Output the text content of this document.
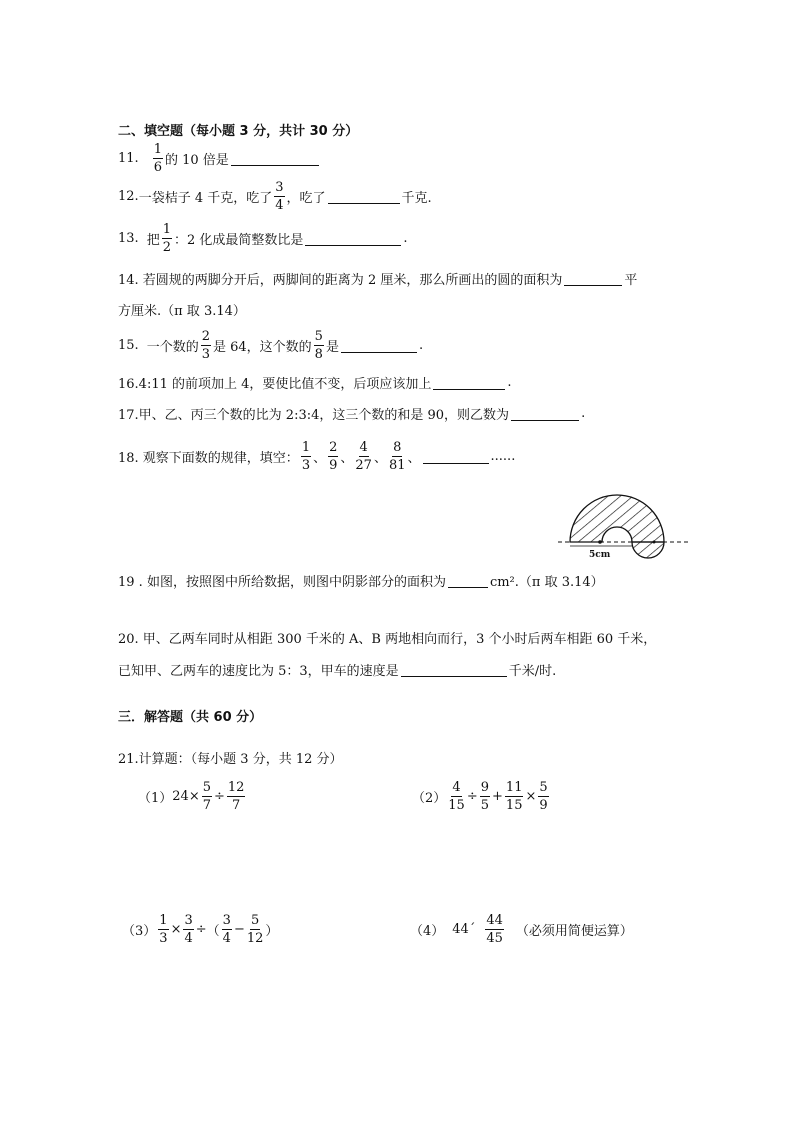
二、填空题（每小题 3 分，共计 30 分）
11. $\frac{1}{6}$ 的 10 倍是
12. 一袋桔子 4 千克，吃了 $\frac{3}{4}$ ，吃了	千克.
13. 把 $\frac{1}{2}$ ：2 化成最简整数比是	.
14. 若圆规的两脚分开后，两脚间的距离为 2 厘米，那么所画出的圆的面积为	平
方厘米.（π 取 3.14）
15. 一个数的 $\frac{2}{3}$ 是 64，这个数的 $\frac{5}{8}$ 是	.
16.4:11 的前项加上 4，要使比值不变，后项应该加上	.
17.甲、乙、丙三个数的比为 2:3:4，这三个数的和是 90，则乙数为	.
18. 观察下面数的规律，填空： $\frac{1}{3}$ 、 $\frac{2}{9}$ 、 $\frac{4}{27}$ 、 $\frac{8}{81}$ 、	......
5cm
19 . 如图，按照图中所给数据，则图中阴影部分的面积为	cm².（π 取 3.14）
20. 甲、乙两车同时从相距 300 千米的 A、B 两地相向而行，3 个小时后两车相距 60 千米，
已知甲、乙两车的速度比为 5：3，甲车的速度是	千米/时.
三．解答题（共 60 分）
21.计算题：（每小题 3 分，共 12 分）
（1） $24\times \frac{5}{7} \div \frac{12}{7}$	$(2) \frac{4}{15} \div \frac{9}{5} + \frac{11}{15} \times \frac{5}{9}$
$(3) \frac{1}{3} \times \frac{3}{4}$ ÷ （ $\frac{3}{4} - \frac{5}{12}$ ）	（4） 44´ $\frac{44}{45}$ （必须用简便运算）
